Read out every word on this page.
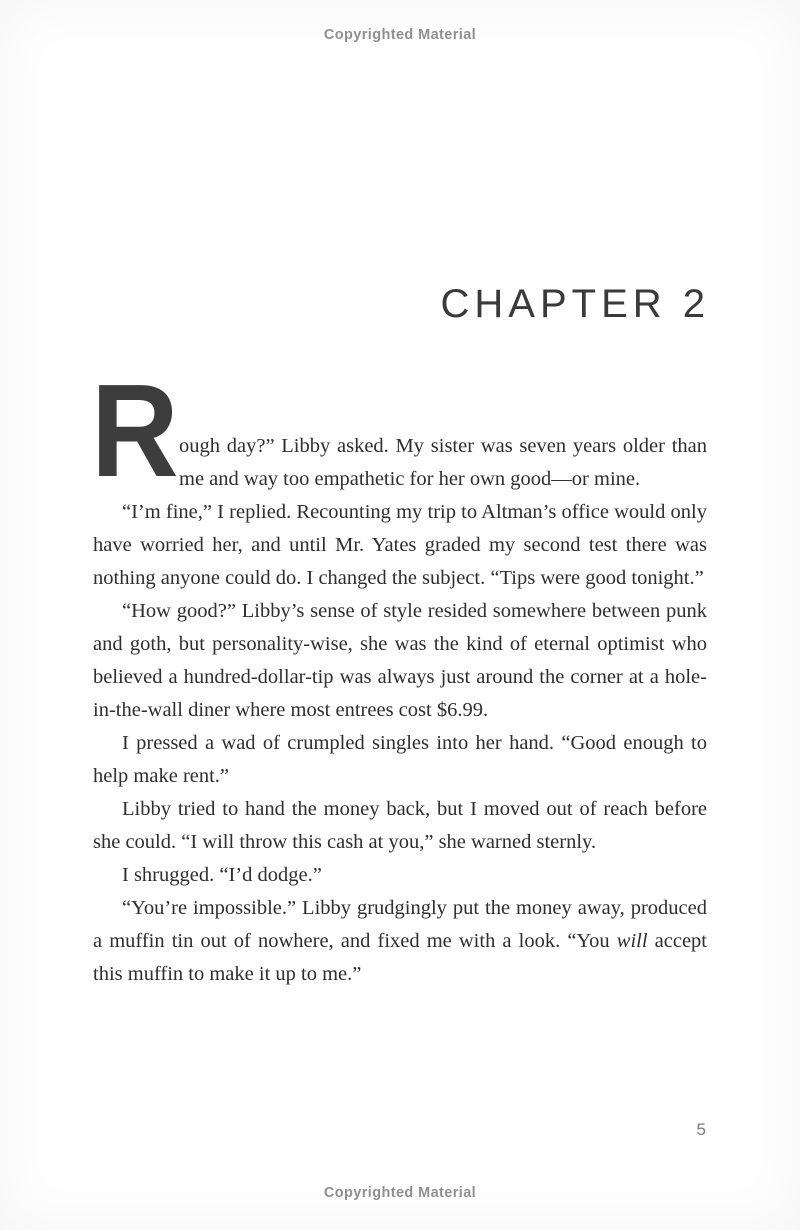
Copyrighted Material
CHAPTER 2

R ough day?” Libby asked. My sister was seven years older than me and way too empathetic for her own good—or mine.

“I’m fine,” I replied. Recounting my trip to Altman’s office would only have worried her, and until Mr. Yates graded my second test there was nothing anyone could do. I changed the subject. “Tips were good tonight.”

“How good?” Libby’s sense of style resided somewhere between punk and goth, but personality-wise, she was the kind of eternal optimist who believed a hundred-dollar-tip was always just around the corner at a hole-in-the-wall diner where most entrees cost $6.99.

I pressed a wad of crumpled singles into her hand. “Good enough to help make rent.”

Libby tried to hand the money back, but I moved out of reach before she could. “I will throw this cash at you,” she warned sternly.

I shrugged. “I’d dodge.”

“You’re impossible.” Libby grudgingly put the money away, produced a muffin tin out of nowhere, and fixed me with a look. “You will accept this muffin to make it up to me.”

5
Copyrighted Material
